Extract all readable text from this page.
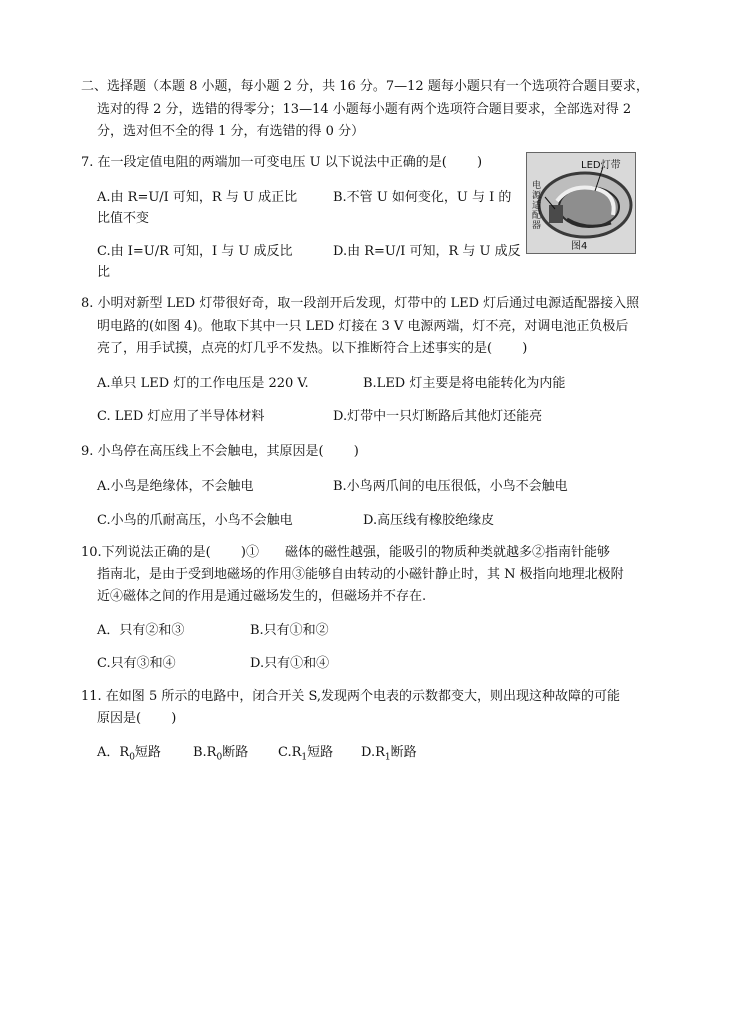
二、选择题（本题 8 小题，每小题 2 分，共 16 分。7—12 题每小题只有一个选项符合题目要求，
选对的得 2 分，选错的得零分；13—14 小题每小题有两个选项符合题目要求，全部选对得 2
分，选对但不全的得 1 分，有选错的得 0 分）
7. 在一段定值电阻的两端加一可变电压 U 以下说法中正确的是(　　 )
A.由 R=U/I 可知，R 与 U 成正比	B.不管 U 如何变化，U 与 I 的
比值不变
C.由 I=U/R 可知，I 与 U 成反比	D.由 R=U/I 可知，R 与 U 成反
比
LED灯带
电源适配器
图4
8. 小明对新型 LED 灯带很好奇，取一段剖开后发现，灯带中的 LED 灯后通过电源适配器接入照
明电路的(如图 4)。他取下其中一只 LED 灯接在 3 V 电源两端，灯不亮，对调电池正负极后
亮了，用手试摸，点亮的灯几乎不发热。以下推断符合上述事实的是(　　 )
A.单只 LED 灯的工作电压是 220 V.	B.LED 灯主要是将电能转化为内能
C. LED 灯应用了半导体材料	D.灯带中一只灯断路后其他灯还能亮
9. 小鸟停在高压线上不会触电，其原因是(　　 )
A.小鸟是绝缘体，不会触电	B.小鸟两爪间的电压很低，小鸟不会触电
C.小鸟的爪耐高压，小鸟不会触电	D.高压线有橡胶绝缘皮
10.下列说法正确的是(　　 )①　　磁体的磁性越强，能吸引的物质种类就越多②指南针能够
指南北，是由于受到地磁场的作用③能够自由转动的小磁针静止时，其 N 极指向地理北极附
近④磁体之间的作用是通过磁场发生的，但磁场并不存在.
A．只有②和③	B.只有①和②
C.只有③和④	D.只有①和④
11. 在如图 5 所示的电路中，闭合开关 S,发现两个电表的示数都变大，则出现这种故障的可能
原因是(　　 )
A．$R_0$短路 $B.R_0$断路 $C.R_1$短路 $D.R_1$断路
